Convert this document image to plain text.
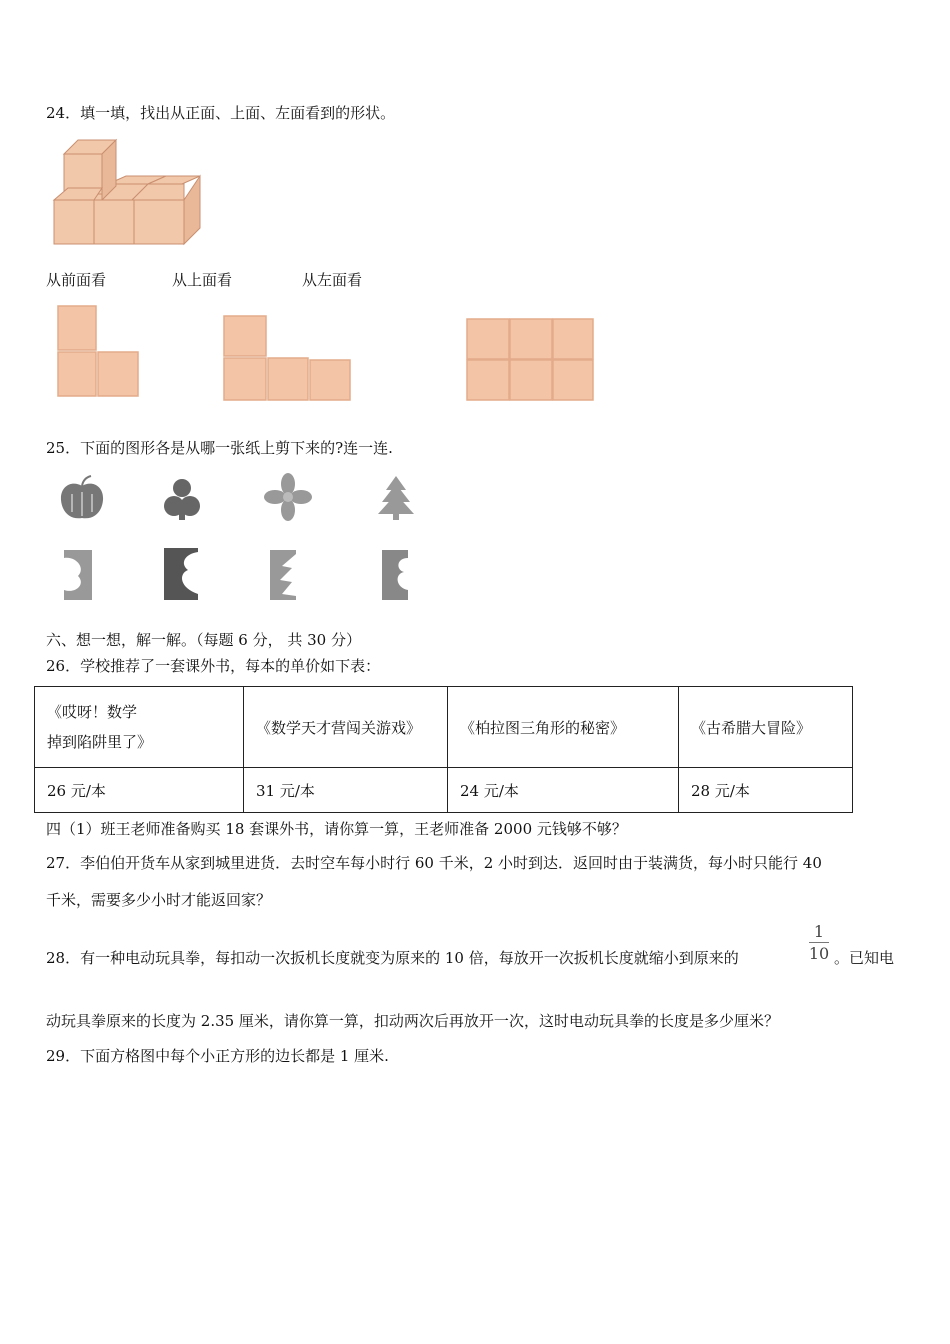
24．填一填，找出从正面、上面、左面看到的形状。
从前面看	从上面看	从左面看
25．下面的图形各是从哪一张纸上剪下来的?连一连.
六、想一想，解一解。（每题 6 分， 共 30 分）
26．学校推荐了一套课外书，每本的单价如下表：
《哎呀！数学
掉到陷阱里了》	《数学天才营闯关游戏》	《柏拉图三角形的秘密》	《古希腊大冒险》
26 元/本	31 元/本	24 元/本	28 元/本
四（1）班王老师准备购买 18 套课外书，请你算一算，王老师准备 2000 元钱够不够？
27．李伯伯开货车从家到城里进货．去时空车每小时行 60 千米，2 小时到达．返回时由于装满货，每小时只能行 40
千米，需要多少小时才能返回家？
28．有一种电动玩具拳，每扣动一次扳机长度就变为原来的 10 倍，每放开一次扳机长度就缩小到原来的
1
10 。已知电
动玩具拳原来的长度为 2.35 厘米，请你算一算，扣动两次后再放开一次，这时电动玩具拳的长度是多少厘米？
29．下面方格图中每个小正方形的边长都是 1 厘米.
